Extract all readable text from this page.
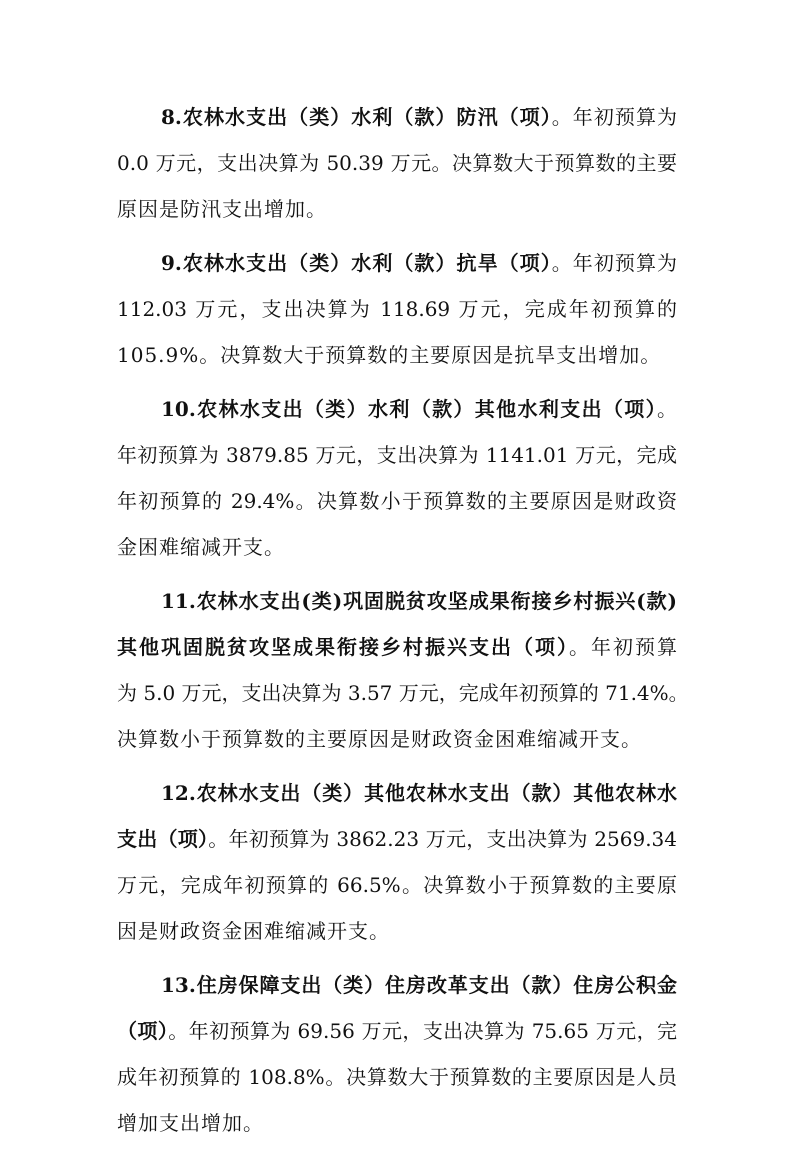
8.农林水支出（类）水利（款）防汛（项）。年初预算为
0.0 万元，支出决算为 50.39 万元。决算数大于预算数的主要
原因是防汛支出增加。
9.农林水支出（类）水利（款）抗旱（项）。年初预算为
112.03 万元，支出决算为 118.69 万元，完成年初预算的
105.9%。决算数大于预算数的主要原因是抗旱支出增加。
10.农林水支出（类）水利（款）其他水利支出（项）。
年初预算为 3879.85 万元，支出决算为 1141.01 万元，完成
年初预算的 29.4%。决算数小于预算数的主要原因是财政资
金困难缩减开支。
11.农林水支出(类)巩固脱贫攻坚成果衔接乡村振兴(款)
其他巩固脱贫攻坚成果衔接乡村振兴支出（项）。年初预算
为 5.0 万元，支出决算为 3.57 万元，完成年初预算的 71.4%。
决算数小于预算数的主要原因是财政资金困难缩减开支。
12.农林水支出（类）其他农林水支出（款）其他农林水
支出（项）。年初预算为 3862.23 万元，支出决算为 2569.34
万元，完成年初预算的 66.5%。决算数小于预算数的主要原
因是财政资金困难缩减开支。
13.住房保障支出（类）住房改革支出（款）住房公积金
（项）。年初预算为 69.56 万元，支出决算为 75.65 万元，完
成年初预算的 108.8%。决算数大于预算数的主要原因是人员
增加支出增加。
